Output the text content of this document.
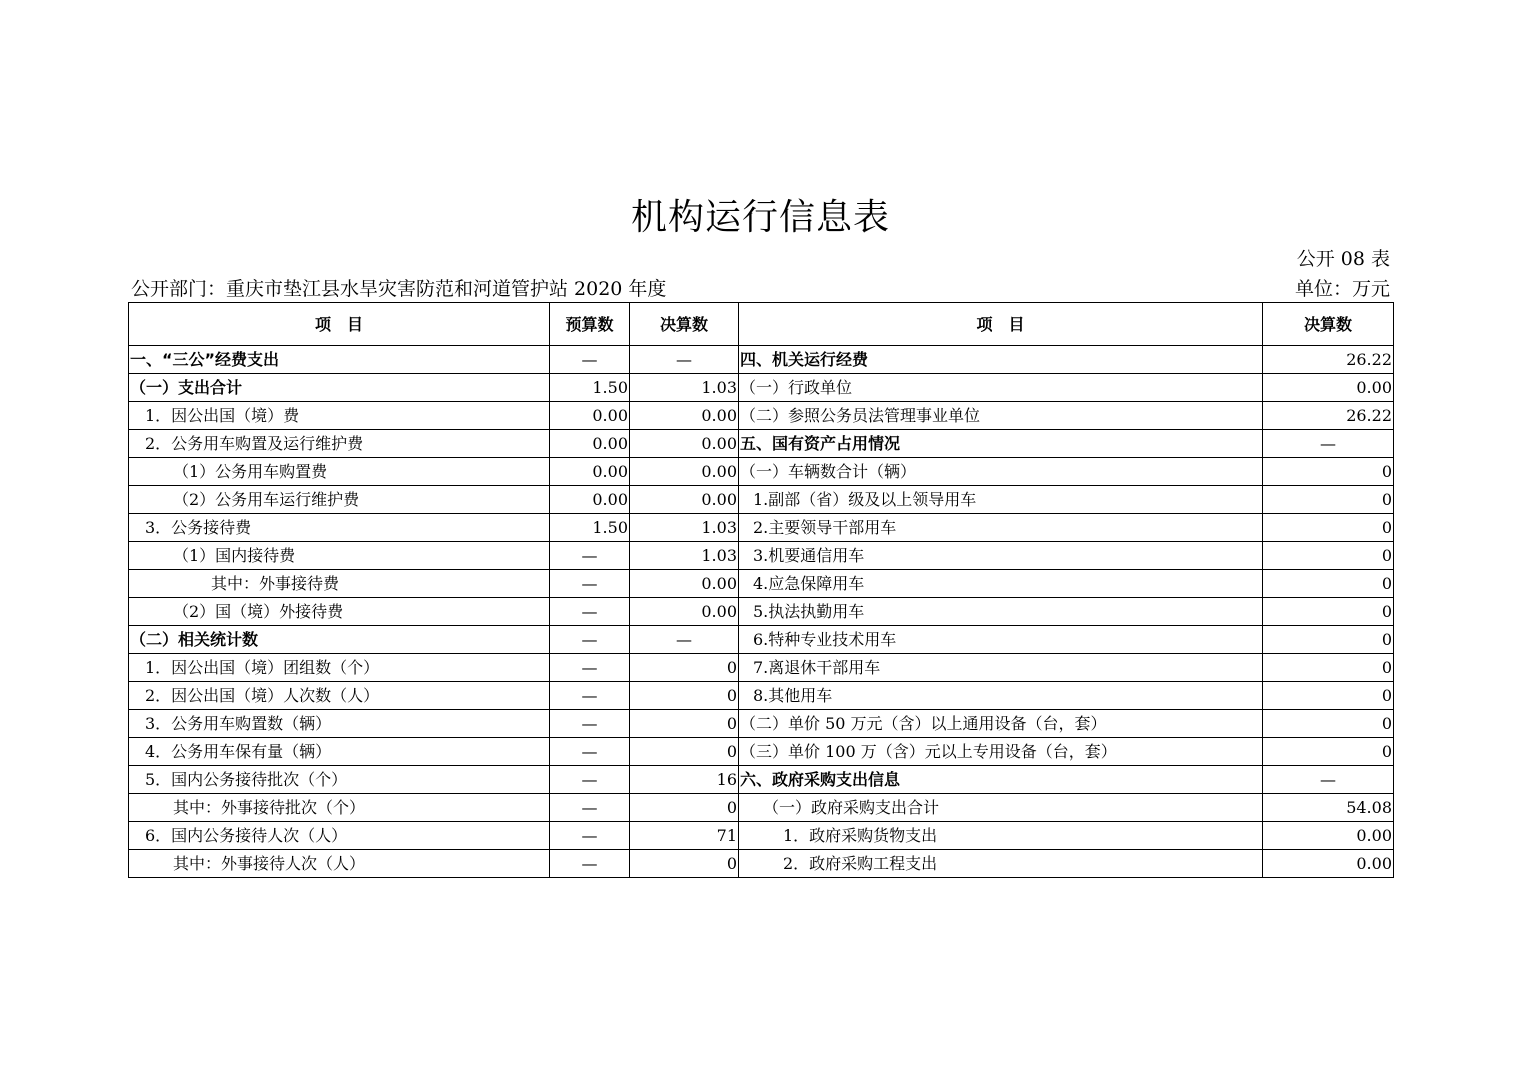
机构运行信息表
公开 08 表
公开部门：重庆市垫江县水旱灾害防范和河道管护站 2020 年度	单位：万元
项　目	预算数	决算数	项　目	决算数
一、“三公”经费支出	—	—	四、机关运行经费	26.22
（一）支出合计	1.50	1.03	（一）行政单位	0.00
1．因公出国（境）费	0.00	0.00	（二）参照公务员法管理事业单位	26.22
2．公务用车购置及运行维护费	0.00	0.00	五、国有资产占用情况	—
（1）公务用车购置费	0.00	0.00	（一）车辆数合计（辆）	0
（2）公务用车运行维护费	0.00	0.00	1.副部（省）级及以上领导用车	0
3．公务接待费	1.50	1.03	2.主要领导干部用车	0
（1）国内接待费	—	1.03	3.机要通信用车	0
其中：外事接待费	—	0.00	4.应急保障用车	0
（2）国（境）外接待费	—	0.00	5.执法执勤用车	0
（二）相关统计数	—	—	6.特种专业技术用车	0
1．因公出国（境）团组数（个）	—	0	7.离退休干部用车	0
2．因公出国（境）人次数（人）	—	0	8.其他用车	0
3．公务用车购置数（辆）	—	0	（二）单价 50 万元（含）以上通用设备（台，套）	0
4．公务用车保有量（辆）	—	0	（三）单价 100 万（含）元以上专用设备（台，套）	0
5．国内公务接待批次（个）	—	16	六、政府采购支出信息	—
其中：外事接待批次（个）	—	0	（一）政府采购支出合计	54.08
6．国内公务接待人次（人）	—	71	1．政府采购货物支出	0.00
其中：外事接待人次（人）	—	0	2．政府采购工程支出	0.00
